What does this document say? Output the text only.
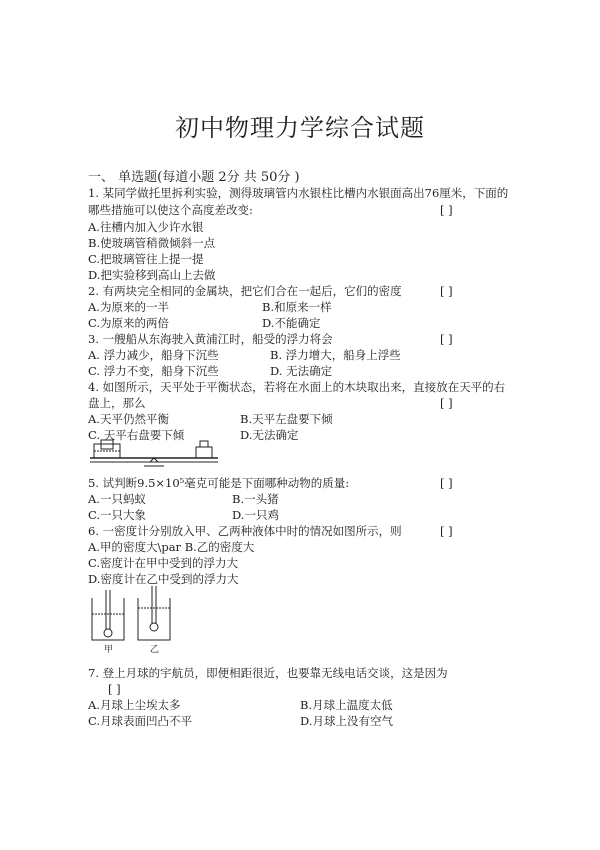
初中物理力学综合试题
一、 单选题(每道小题 2分 共 50分 )
1. 某同学做托里拆利实验，测得玻璃管内水银柱比槽内水银面高出76厘米，下面的
哪些措施可以使这个高度差改变:	[ ]
A.往槽内加入少许水银
B.使玻璃管稍微倾斜一点
C.把玻璃管往上提一提
D.把实验移到高山上去做
2. 有两块完全相同的金属块，把它们合在一起后，它们的密度	[ ]
A.为原来的一半	B.和原来一样
C.为原来的两倍	D.不能确定
3. 一艘船从东海驶入黄浦江时，船受的浮力将会	[ ]
A. 浮力减少，船身下沉些	B. 浮力增大，船身上浮些
C. 浮力不变，船身下沉些	D. 无法确定
4. 如图所示，天平处于平衡状态，若将在水面上的木块取出来，直接放在天平的右
盘上，那么	[ ]
A.天平仍然平衡	B.天平左盘要下倾
C. 天平右盘要下倾	D.无法确定
5. 试判断9.5×10⁵毫克可能是下面哪种动物的质量:	[ ]
A.一只蚂蚁	B.一头猪
C.一只大象	D.一只鸡
6. 一密度计分别放入甲、乙两种液体中时的情况如图所示，则	[ ]
A.甲的密度大\par B.乙的密度大
C.密度计在甲中受到的浮力大
D.密度计在乙中受到的浮力大
甲	乙
7. 登上月球的宇航员，即便相距很近，也要靠无线电话交谈，这是因为
[ ]
A.月球上尘埃太多	B.月球上温度太低
C.月球表面凹凸不平	D.月球上没有空气
